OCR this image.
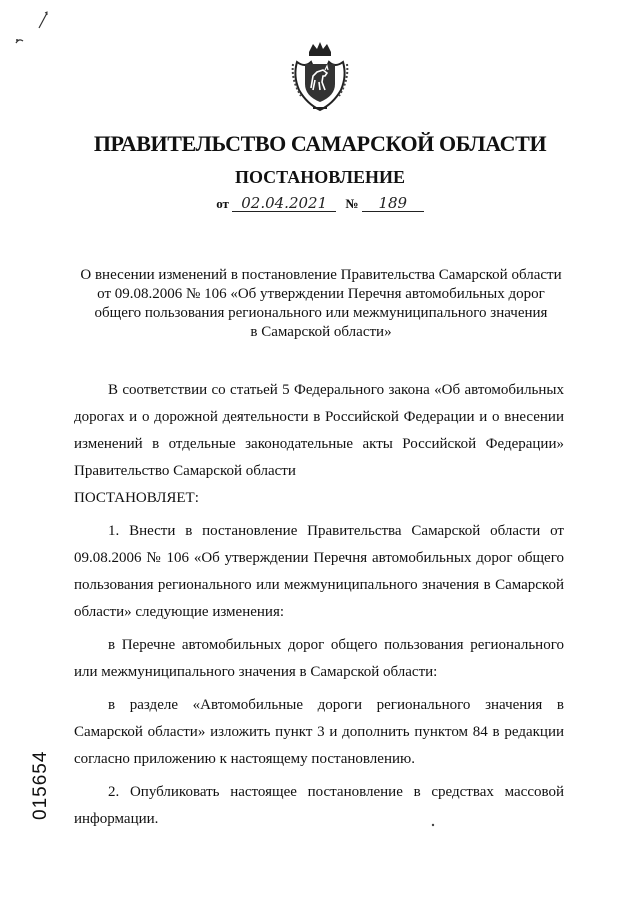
ПРАВИТЕЛЬСТВО САМАРСКОЙ ОБЛАСТИ
ПОСТАНОВЛЕНИЕ
от 02.04.2021 № 189
О внесении изменений в постановление Правительства Самарской области
от 09.08.2006 № 106 «Об утверждении Перечня автомобильных дорог
общего пользования регионального или межмуниципального значения
в Самарской области»

В соответствии со статьей 5 Федерального закона «Об автомобильных дорогах и о дорожной деятельности в Российской Федерации и о внесении изменений в отдельные законодательные акты Российской Федерации» Правительство Самарской области

ПОСТАНОВЛЯЕТ:

1. Внести в постановление Правительства Самарской области от 09.08.2006 № 106 «Об утверждении Перечня автомобильных дорог общего пользования регионального или межмуниципального значения в Самарской области» следующие изменения:

в Перечне автомобильных дорог общего пользования регионального или межмуниципального значения в Самарской области:

в разделе «Автомобильные дороги регионального значения в Самарской области» изложить пункт 3 и дополнить пунктом 84 в редакции согласно приложению к настоящему постановлению.

2. Опубликовать настоящее постановление в средствах массовой информации.

015654
